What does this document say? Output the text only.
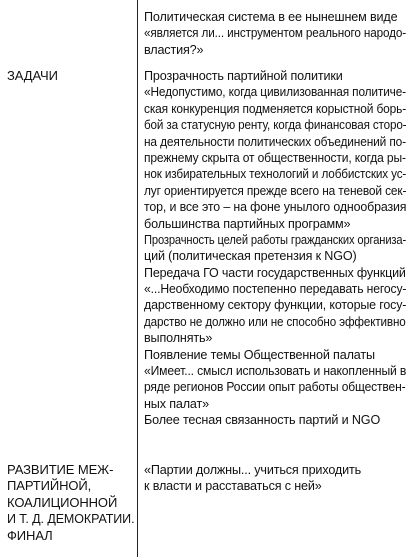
Политическая система в ее нынешнем виде
«является ли... инструментом реального народо-
властия?»
ЗАДАЧИ	Прозрачность партийной политики
«Недопустимо, когда цивилизованная политиче-
ская конкуренция подменяется корыстной борь-
бой за статусную ренту, когда финансовая сторо-
на деятельности политических объединений по-
прежнему скрыта от общественности, когда ры-
нок избирательных технологий и лоббистских ус-
луг ориентируется прежде всего на теневой сек-
тор, и все это – на фоне унылого однообразия
большинства партийных программ»
Прозрачность целей работы гражданских организа-
ций (политическая претензия к NGO)
Передача ГО части государственных функций
«...Необходимо постепенно передавать негосу-
дарственному сектору функции, которые госу-
дарство не должно или не способно эффективно
выполнять»
Появление темы Общественной палаты
«Имеет... смысл использовать и накопленный в
ряде регионов России опыт работы обществен-
ных палат»
Более тесная связанность партий и NGO
РАЗВИТИЕ МЕЖ-
ПАРТИЙНОЙ,
КОАЛИЦИОННОЙ
И Т. Д. ДЕМОКРАТИИ.
ФИНАЛ
«Партии должны... учиться приходить
к власти и расставаться с ней»
